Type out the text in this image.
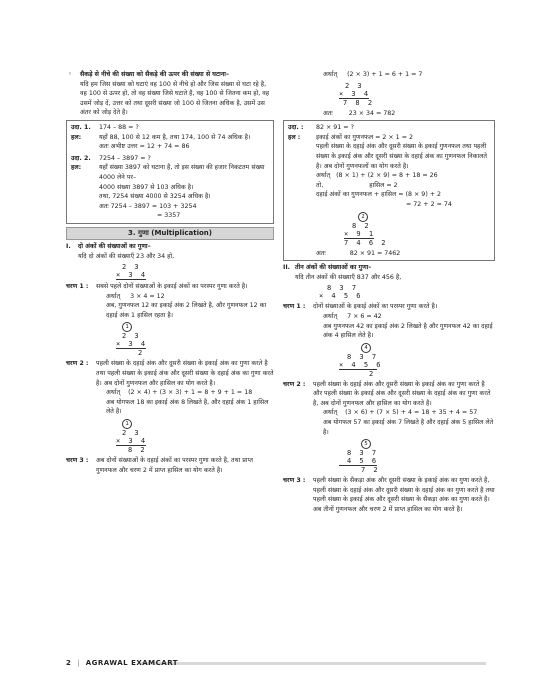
◦ सैकड़े से नीचे की संख्या को सैकड़े की ऊपर की संख्या से घटाना–
यदि हम जिस संख्या को घटाएं वह 100 से नीचे हो और जिस संख्या से घटा रहे है, वह 100 से ऊपर हो, तो वह संख्या जिसे घटाते है, वह 100 से जितना कम हो, वह उसमें जोड़ दें, उत्तर को तथा दूसरी संख्या जो 100 से जितना अधिक है, उसमें उस अंतर को जोड़ देते है।
उदा. 1.	174 – 88 = ?
हल:	यहाँ 88, 100 से 12 कम है, तथा 174, 100 से 74 अधिक है।
अतः अभीष्ट उत्तर = 12 + 74 = 86
उदा. 2.	7254 – 3897 = ?
हल:	यहाँ संख्या 3897 को घटाना है, तो इस संख्या की हजार निकटतम संख्या 4000 लेने पर–
4000 संख्या 3897 से 103 अधिक है।
तथा, 7254 संख्या 4000 से 3254 अधिक है।
अतः 7254 – 3897 = 103 + 3254
= 3357
3. गुणा (Multiplication)
I. दो अंकों की संख्याओं का गुणा–
यदि दो अंकों की संख्याएँ 23 और 34 हो,
2 3
× 3 4
चरण 1 :	सबसे पहले दोनों संख्याओं के इकाई अंकों का परस्पर गुणा करते है।
अर्थात् 3 × 4 = 12
अब, गुणनफल 12 का इकाई अंक 2 लिखते है, और गुणनफल 12 का दहाई अंक 1 हासिल रहता है।
1
2 3
× 3 4
2
चरण 2 :	पहली संख्या के दहाई अंक और दूसरी संख्या के इकाई अंक का गुणा करते है तथा पहली संख्या के इकाई अंक और दूसरी संख्या के दहाई अंक का गुणा करते है। अब दोनों गुणनफल और हासिल का योग करते है।
अर्थात् (2 × 4) + (3 × 3) + 1 = 8 + 9 + 1 = 18
अब योगफल 18 का इकाई अंक 8 लिखते है, और दहाई अंक 1 हासिल लेते है।
1
2 3
× 3 4
8 2
चरण 3 :	अब दोनों संख्याओं के दहाई अंकों का परस्पर गुणा करते है, तथा प्राप्त गुणनफल और चरण 2 में प्राप्त हासिल का योग करते है।
अर्थात् (2 × 3) + 1 = 6 + 1 = 7
2 3
× 3 4
7 8 2
अतः	23 × 34 = 782
उदा. :	82 × 91 = ?
हल :	इकाई अंकों का गुणनफल = 2 × 1 = 2
पहली संख्या के दहाई अंक और दूसरी संख्या के इकाई गुणनफल तथा पहली संख्या के इकाई अंक और दूसरी संख्या के दहाई अंक का गुणनफल निकालते है। अब दोनों गुणनफलों का योग करते है।
अर्थात् (8 × 1) + (2 × 9) = 8 + 18 = 26
तो,	हासिल = 2
दहाई अंकों का गुणनफल + हासिल = (8 × 9) + 2
= 72 + 2 = 74
2
8 2
× 9 1
7 4 6 2
अतः	82 × 91 = 7462
II. तीन अंकों की संख्याओं का गुणा–
यदि तीन अंकों की संख्याएँ 837 और 456 है,
8 3 7
× 4 5 6
चरण 1 :	दोनों संख्याओं के इकाई अंकों का परस्पर गुणा करते है।
अर्थात् 7 × 6 = 42
अब गुणनफल 42 का इकाई अंक 2 लिखते है और गुणनफल 42 का दहाई अंक 4 हासिल लेते है।
4
8 3 7
× 4 5 6
2
चरण 2 :	पहली संख्या के दहाई अंक और दूसरी संख्या के इकाई अंक का गुणा करते है और पहली संख्या के इकाई अंक और दूसरी संख्या के दहाई अंक का गुणा करते है, अब दोनों गुणनफल और हासिल का योग करते है।
अर्थात् (3 × 6) + (7 × 5) + 4 = 18 + 35 + 4 = 57
अब योगफल 57 का इकाई अंक 7 लिखते है और दहाई अंक 5 हासिल लेते है।
5
8 3 7
4 5 6
7 2
चरण 3 :	पहली संख्या के सैकड़ा अंक और दूसरी संख्या के इकाई अंक का गुणा करते है, पहली संख्या के दहाई अंक और दूसरी संख्या के दहाई अंक का गुणा करते है तथा पहली संख्या के इकाई अंक और दूसरी संख्या के सैकड़ा अंक का गुणा करते है। अब तीनों गुणनफल और चरण 2 में प्राप्त हासिल का योग करते है।
2 | AGRAWAL EXAMCART
